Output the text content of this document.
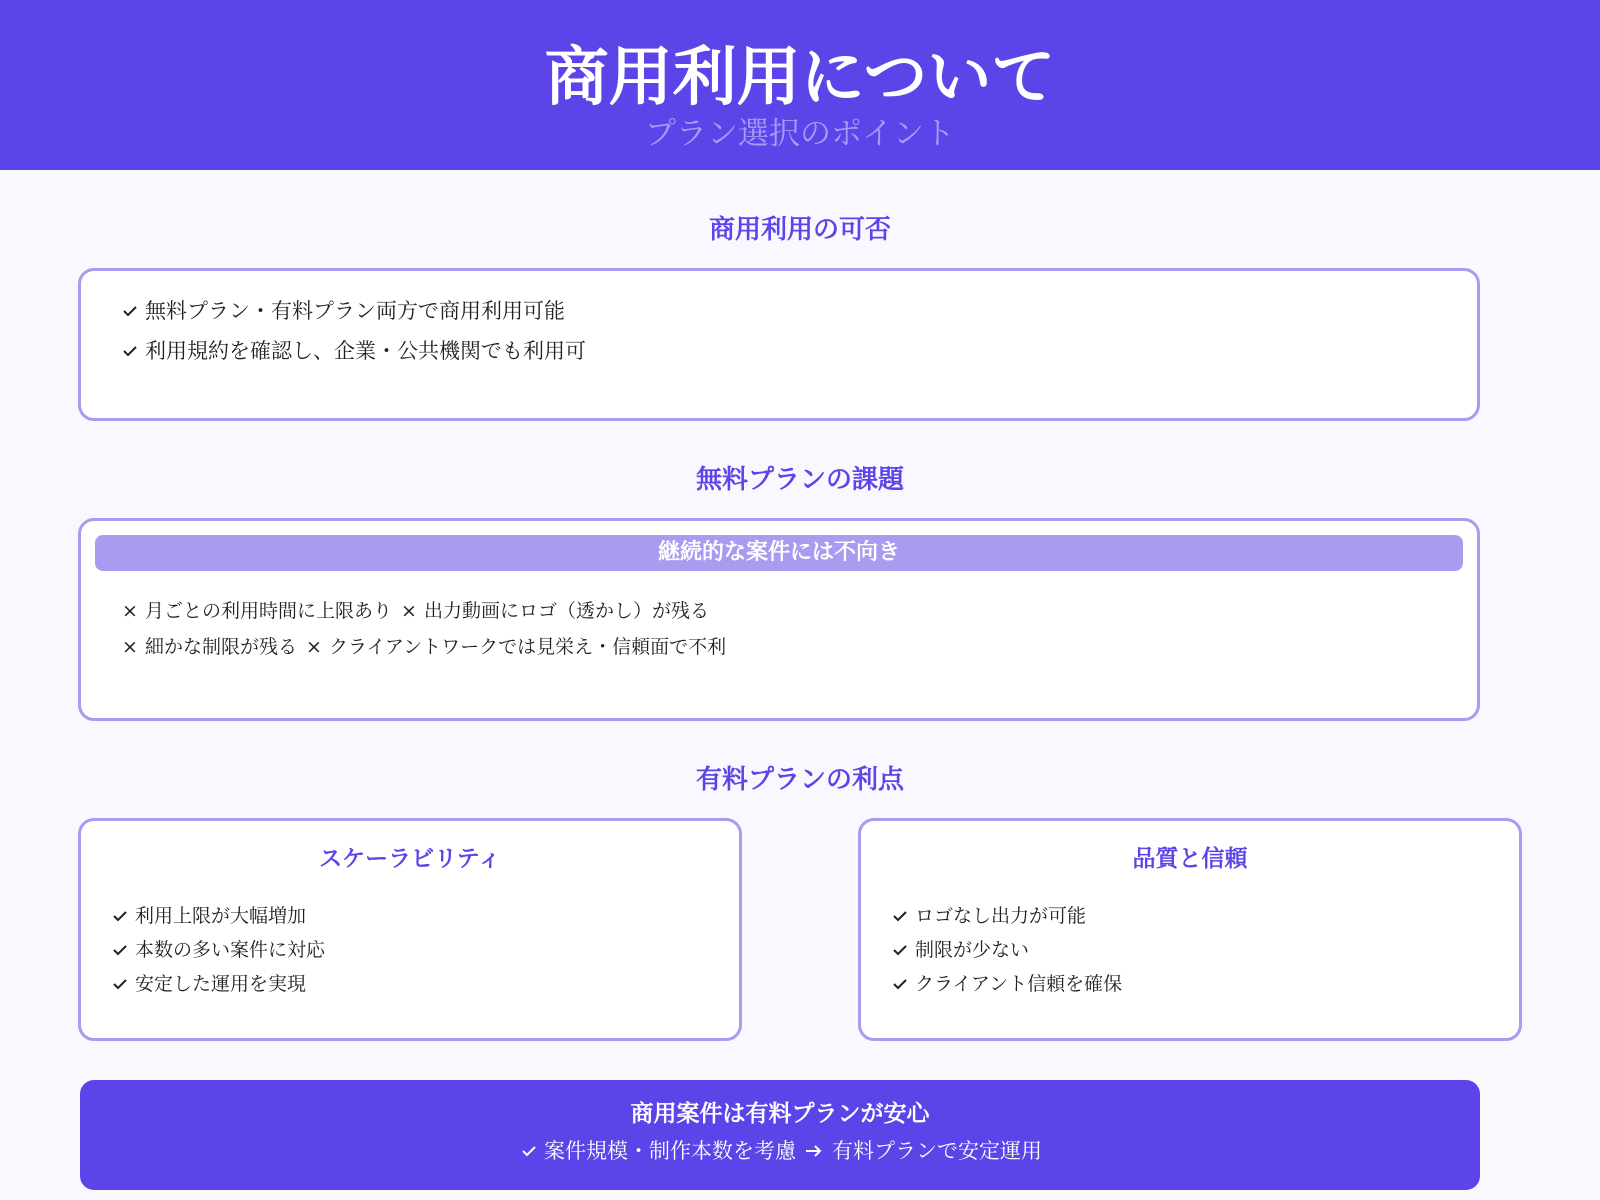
商用利用について
プラン選択のポイント
商用利用の可否
無料プラン・有料プラン両方で商用利用可能
利用規約を確認し、企業・公共機関でも利用可
無料プランの課題
継続的な案件には不向き
× 月ごとの利用時間に上限あり × 出力動画にロゴ（透かし）が残る
× 細かな制限が残る × クライアントワークでは見栄え・信頼面で不利
有料プランの利点
スケーラビリティ
利用上限が大幅増加
本数の多い案件に対応
安定した運用を実現
品質と信頼
ロゴなし出力が可能
制限が少ない
クライアント信頼を確保
商用案件は有料プランが安心
案件規模・制作本数を考慮 有料プランで安定運用
